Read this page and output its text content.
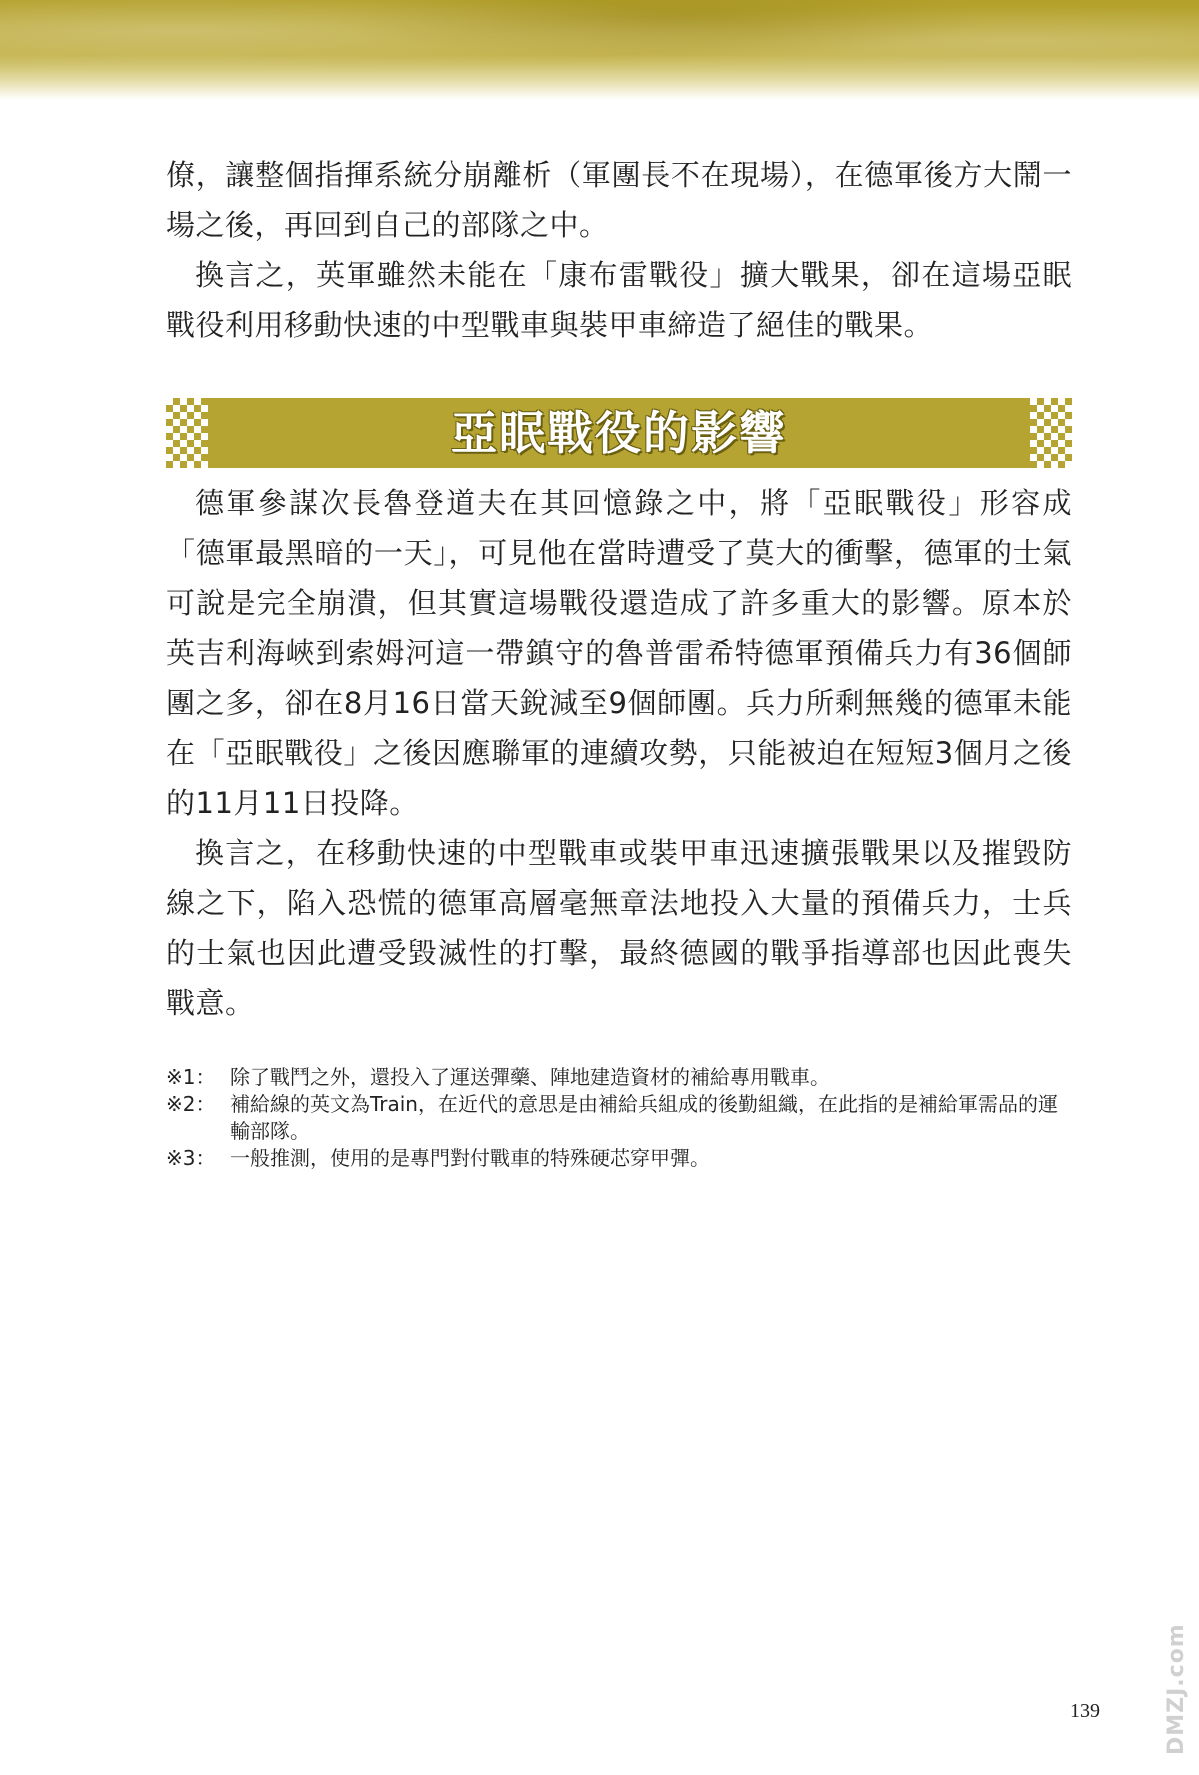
僚，讓整個指揮系統分崩離析（軍團長不在現場），在德軍後方大鬧一場之後，再回到自己的部隊之中。

換言之，英軍雖然未能在「康布雷戰役」擴大戰果，卻在這場亞眠戰役利用移動快速的中型戰車與裝甲車締造了絕佳的戰果。

亞眠戰役的影響

德軍參謀次長魯登道夫在其回憶錄之中，將「亞眠戰役」形容成「德軍最黑暗的一天」，可見他在當時遭受了莫大的衝擊，德軍的士氣可說是完全崩潰，但其實這場戰役還造成了許多重大的影響。原本於英吉利海峽到索姆河這一帶鎮守的魯普雷希特德軍預備兵力有36個師團之多，卻在8月16日當天銳減至9個師團。兵力所剩無幾的德軍未能在「亞眠戰役」之後因應聯軍的連續攻勢，只能被迫在短短3個月之後的11月11日投降。

換言之，在移動快速的中型戰車或裝甲車迅速擴張戰果以及摧毀防線之下，陷入恐慌的德軍高層毫無章法地投入大量的預備兵力，士兵的士氣也因此遭受毀滅性的打擊，最終德國的戰爭指導部也因此喪失戰意。

※1： 除了戰鬥之外，還投入了運送彈藥、陣地建造資材的補給專用戰車。
※2： 補給線的英文為Train，在近代的意思是由補給兵組成的後勤組織，在此指的是補給軍需品的運輸部隊。
※3： 一般推測，使用的是專門對付戰車的特殊硬芯穿甲彈。
139	DMZJ.com
